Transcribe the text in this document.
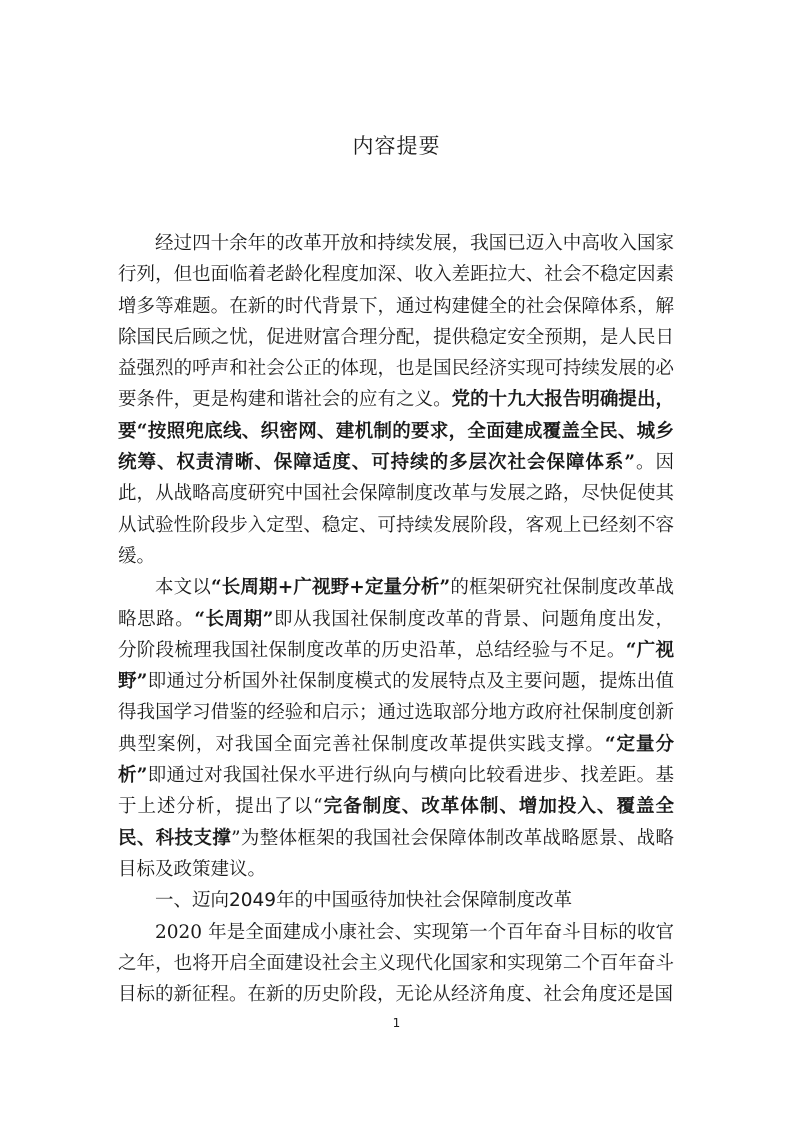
内容提要

经过四十余年的改革开放和持续发展，我国已迈入中高收入国家行列，但也面临着老龄化程度加深、收入差距拉大、社会不稳定因素增多等难题。在新的时代背景下，通过构建健全的社会保障体系，解除国民后顾之忧，促进财富合理分配，提供稳定安全预期，是人民日益强烈的呼声和社会公正的体现，也是国民经济实现可持续发展的必要条件，更是构建和谐社会的应有之义。党的十九大报告明确提出，要“按照兜底线、织密网、建机制的要求，全面建成覆盖全民、城乡统筹、权责清晰、保障适度、可持续的多层次社会保障体系”。因此，从战略高度研究中国社会保障制度改革与发展之路，尽快促使其从试验性阶段步入定型、稳定、可持续发展阶段，客观上已经刻不容缓。

本文以“长周期+广视野+定量分析”的框架研究社保制度改革战略思路。“长周期”即从我国社保制度改革的背景、问题角度出发，分阶段梳理我国社保制度改革的历史沿革，总结经验与不足。“广视野”即通过分析国外社保制度模式的发展特点及主要问题，提炼出值得我国学习借鉴的经验和启示；通过选取部分地方政府社保制度创新典型案例，对我国全面完善社保制度改革提供实践支撑。“定量分析”即通过对我国社保水平进行纵向与横向比较看进步、找差距。基于上述分析，提出了以“完备制度、改革体制、增加投入、覆盖全民、科技支撑”为整体框架的我国社会保障体制改革战略愿景、战略目标及政策建议。

一、迈向2049年的中国亟待加快社会保障制度改革

2020 年是全面建成小康社会、实现第一个百年奋斗目标的收官之年，也将开启全面建设社会主义现代化国家和实现第二个百年奋斗目标的新征程。在新的历史阶段，无论从经济角度、社会角度还是国

1
